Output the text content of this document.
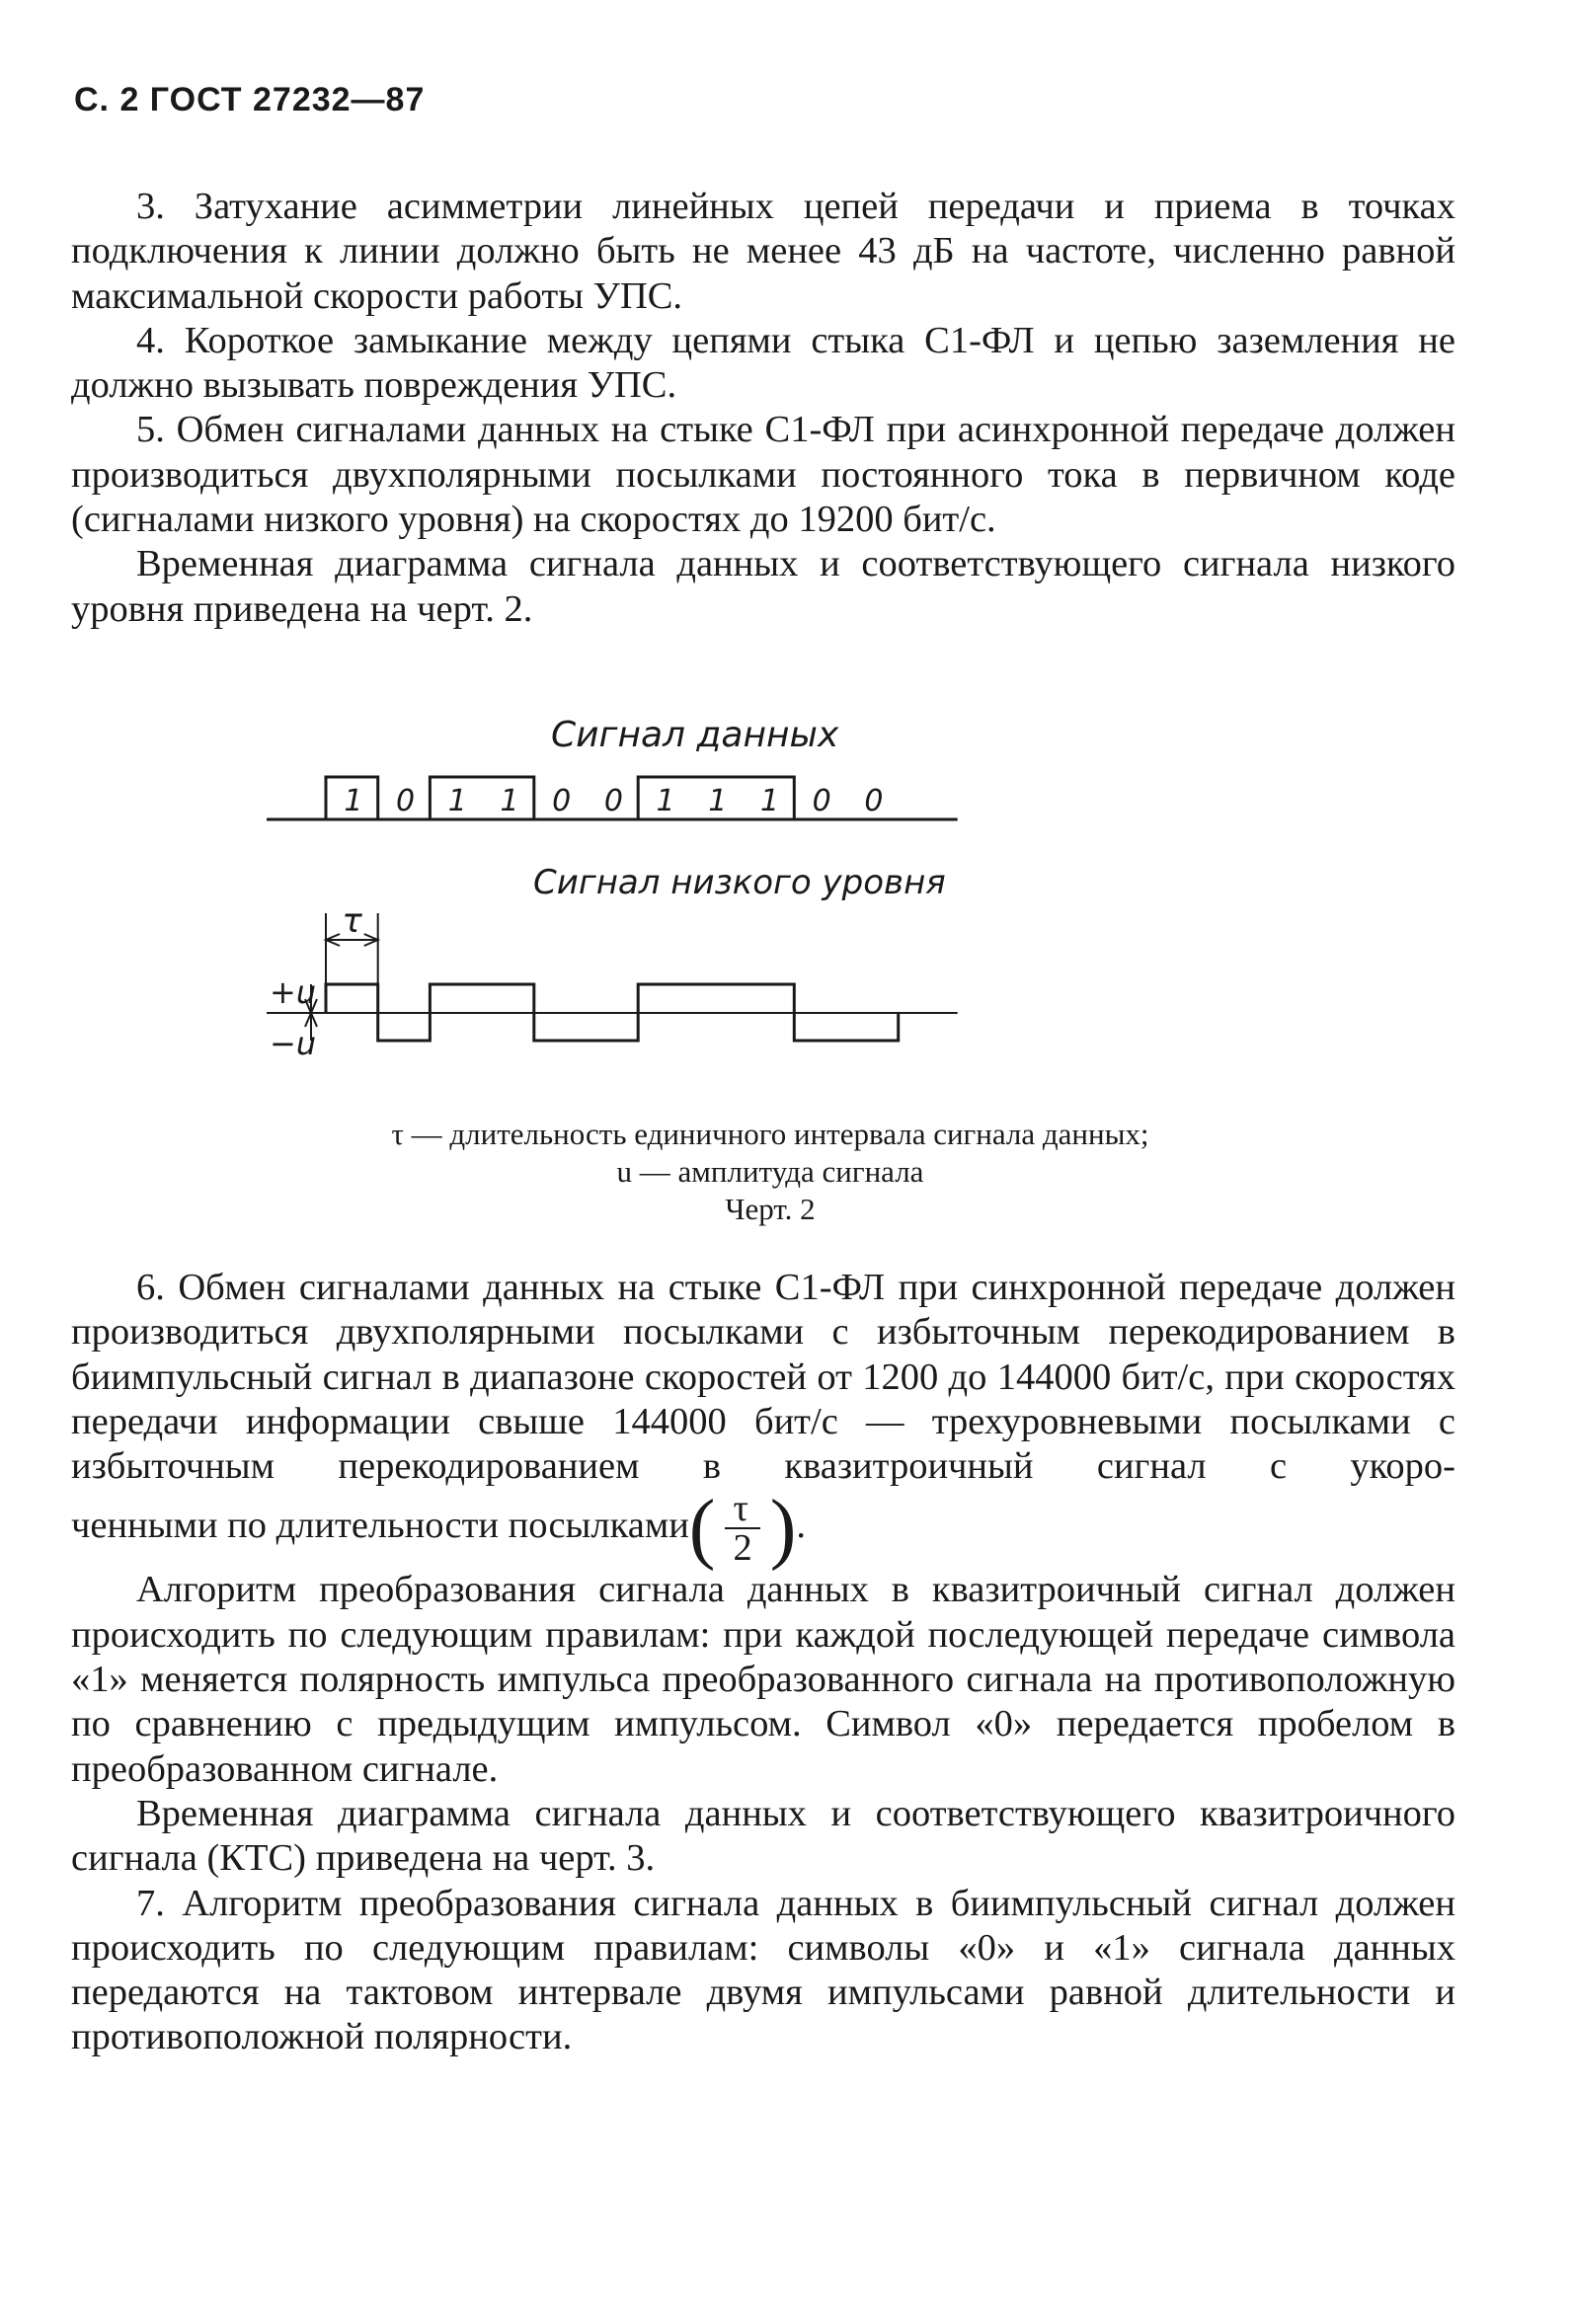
С. 2 ГОСТ 27232—87

3. Затухание асимметрии линейных цепей передачи и приема в точках подключения к линии должно быть не менее 43 дБ на частоте, численно равной максимальной скорости работы УПС.

4. Короткое замыкание между цепями стыка С1-ФЛ и цепью заземления не должно вызывать повреждения УПС.

5. Обмен сигналами данных на стыке С1-ФЛ при асинхронной передаче должен производиться двухполярными посылками постоянного тока в первичном коде (сигналами низкого уровня) на скоростях до 19200 бит/с.

Временная диаграмма сигнала данных и соответствующего сигнала низкого уровня приведена на черт. 2.

Сигнал данных
1 0 1 1 0 0 1 1 1 0 0
Сигнал низкого уровня
τ
+u
−u
τ — длительность единичного интервала сигнала данных;
u — амплитуда сигнала
Черт. 2

6. Обмен сигналами данных на стыке С1-ФЛ при синхронной передаче должен производиться двухполярными посылками с избыточным перекодированием в биимпульсный сигнал в диапазоне скоростей от 1200 до 144000 бит/с, при скоростях передачи информации свыше 144000 бит/с — трехуровневыми посылками с избыточным перекодированием в квазитроичный сигнал с укоро-

ченными по длительности посылками( $\frac{\tau}{2}$ ).

Алгоритм преобразования сигнала данных в квазитроичный сигнал должен происходить по следующим правилам: при каждой последующей передаче символа «1» меняется полярность импульса преобразованного сигнала на противоположную по сравнению с предыдущим импульсом. Символ «0» передается пробелом в преобразованном сигнале.

Временная диаграмма сигнала данных и соответствующего квазитроичного сигнала (КТС) приведена на черт. 3.

7. Алгоритм преобразования сигнала данных в биимпульсный сигнал должен происходить по следующим правилам: символы «0» и «1» сигнала данных передаются на тактовом интервале двумя импульсами равной длительности и противоположной полярности.
